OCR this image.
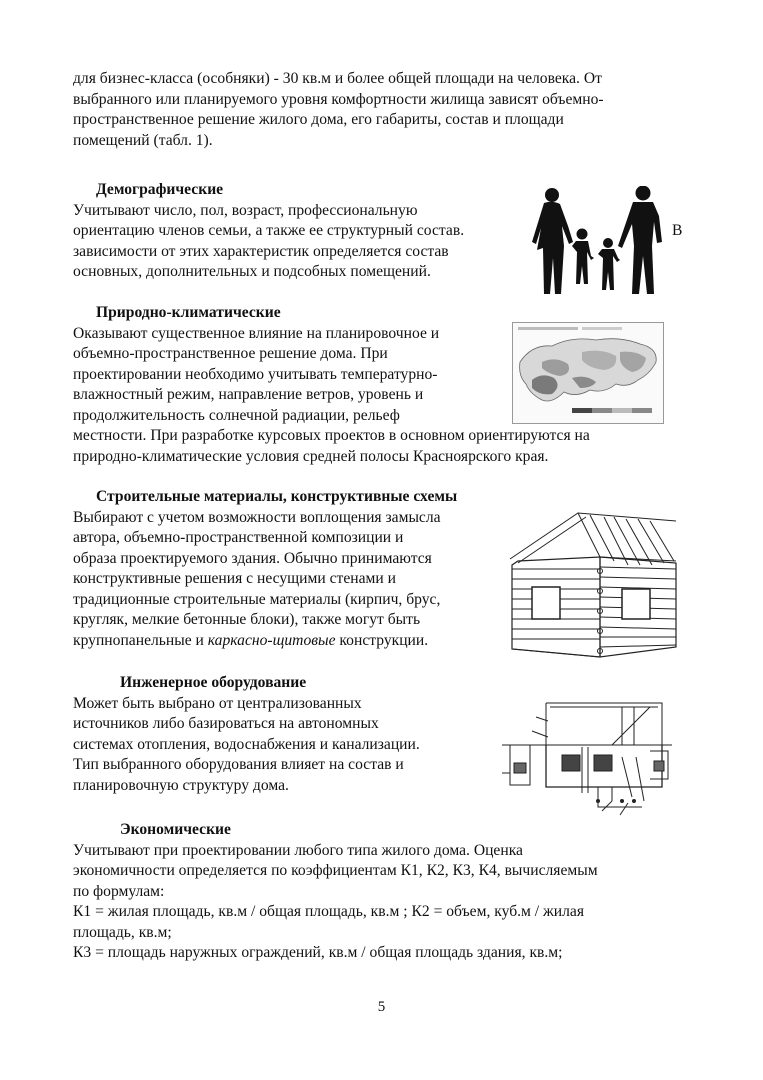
для бизнес-класса (особняки) - 30 кв.м и более общей площади на человека. От
выбранного или планируемого уровня комфортности жилища зависят объемно-
пространственное решение жилого дома, его габариты, состав и площади
помещений (табл. 1).
Демографические
Учитывают число, пол, возраст, профессиональную
ориентацию членов семьи, а также ее структурный состав.
зависимости от этих характеристик определяется состав
основных, дополнительных и подсобных помещений.
В
Природно-климатические
Оказывают существенное влияние на планировочное и
объемно-пространственное решение дома. При
проектировании необходимо учитывать температурно-
влажностный режим, направление ветров, уровень и
продолжительность солнечной радиации, рельеф
местности. При разработке курсовых проектов в основном ориентируются на
природно-климатические условия средней полосы Красноярского края.
Строительные материалы, конструктивные схемы
Выбирают с учетом возможности воплощения замысла
автора, объемно-пространственной композиции и
образа проектируемого здания. Обычно принимаются
конструктивные решения с несущими стенами и
традиционные строительные материалы (кирпич, брус,
кругляк, мелкие бетонные блоки), также могут быть
крупнопанельные и каркасно-щитовые конструкции.
Инженерное оборудование
Может быть выбрано от централизованных
источников либо базироваться на автономных
системах отопления, водоснабжения и канализации.
Тип выбранного оборудования влияет на состав и
планировочную структуру дома.
Экономические
Учитывают при проектировании любого типа жилого дома. Оценка
экономичности определяется по коэффициентам К1, К2, К3, К4, вычисляемым
по формулам:
К1 = жилая площадь, кв.м / общая площадь, кв.м ; К2 = объем, куб.м / жилая
площадь, кв.м;
К3 = площадь наружных ограждений, кв.м / общая площадь здания, кв.м;
5
